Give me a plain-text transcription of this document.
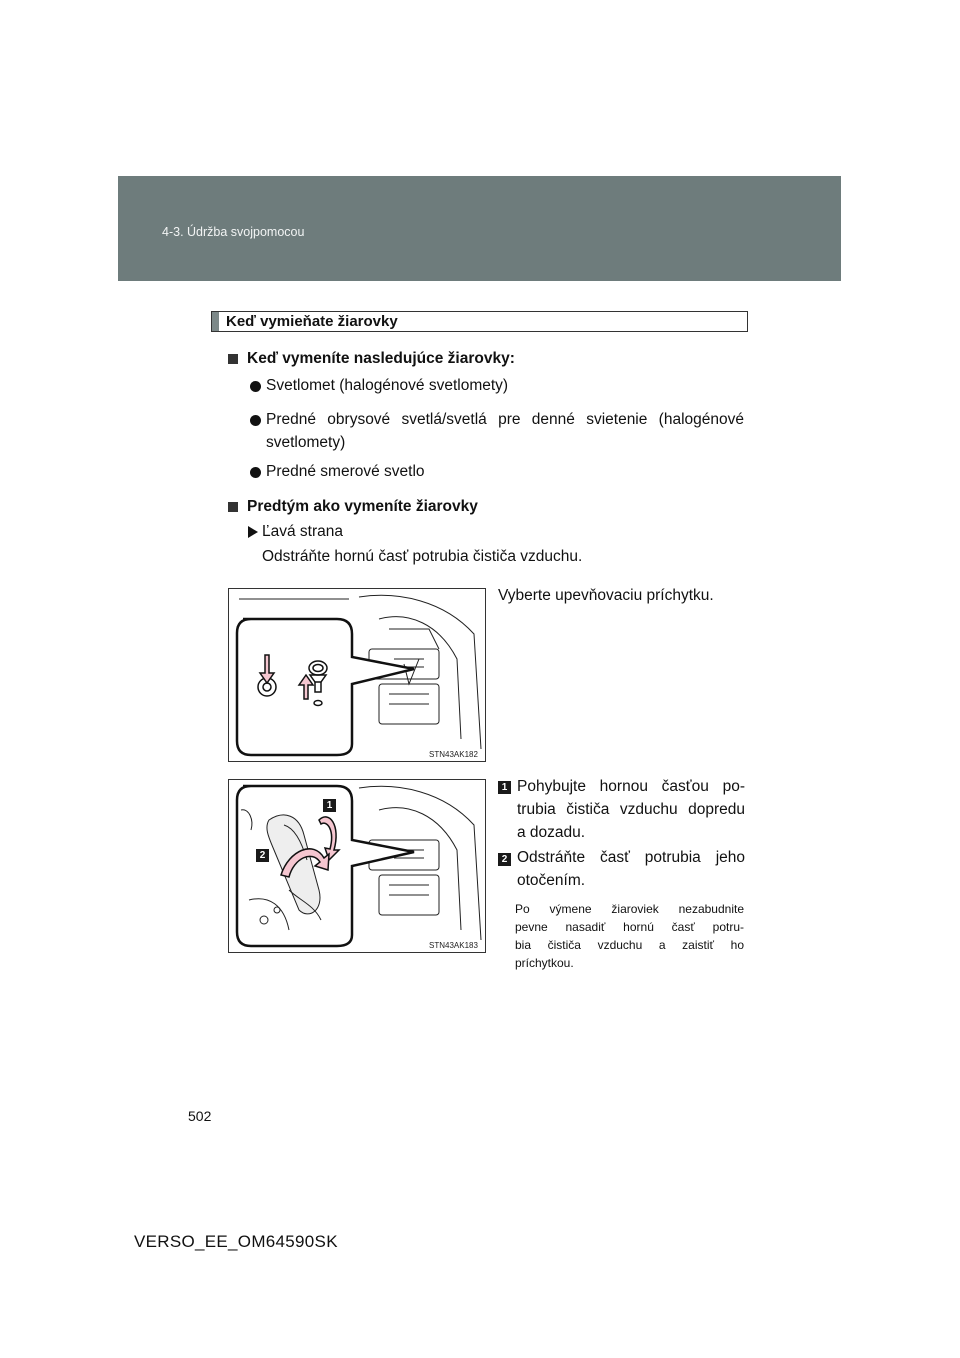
4-3. Údržba svojpomocou
Keď vymieňate žiarovky
Keď vymeníte nasledujúce žiarovky:
Svetlomet (halogénové svetlomety)
Predné obrysové svetlá/svetlá pre denné svietenie (halogénové
svetlomety)
Predné smerové svetlo
Predtým ako vymeníte žiarovky
Ľavá strana
Odstráňte hornú časť potrubia čističa vzduchu.
STN43AK182
Vyberte upevňovaciu príchytku.
1
2
STN43AK183
1 Pohybujte hornou časťou po-
trubia čističa vzduchu dopredu
a dozadu.
2 Odstráňte časť potrubia jeho
otočením.
Po výmene žiaroviek nezabudnite
pevne nasadiť hornú časť potru-
bia čističa vzduchu a zaistiť ho
príchytkou.
502
VERSO_EE_OM64590SK
